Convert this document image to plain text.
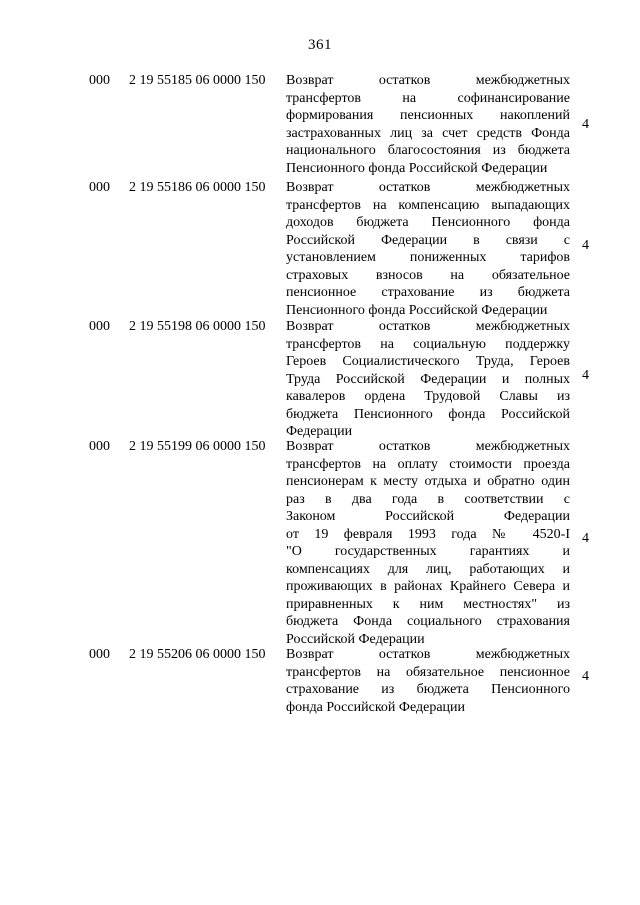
361
000 2 19 55185 06 0000 150 Возврат остатков межбюджетных
трансфертов на софинансирование
формирования пенсионных накоплений
застрахованных лиц за счет средств Фонда
национального благосостояния из бюджета
Пенсионного фонда Российской Федерации
4
000 2 19 55186 06 0000 150 Возврат остатков межбюджетных
трансфертов на компенсацию выпадающих
доходов бюджета Пенсионного фонда
Российской Федерации в связи с
установлением пониженных тарифов
страховых взносов на обязательное
пенсионное страхование из бюджета
Пенсионного фонда Российской Федерации
4
000 2 19 55198 06 0000 150 Возврат остатков межбюджетных
трансфертов на социальную поддержку
Героев Социалистического Труда, Героев
Труда Российской Федерации и полных
кавалеров ордена Трудовой Славы из
бюджета Пенсионного фонда Российской
Федерации
4
000 2 19 55199 06 0000 150 Возврат остатков межбюджетных
трансфертов на оплату стоимости проезда
пенсионерам к месту отдыха и обратно один
раз в два года в соответствии с
Законом Российской Федерации
от 19 февраля 1993 года № 4520-I
"О государственных гарантиях и
компенсациях для лиц, работающих и
проживающих в районах Крайнего Севера и
приравненных к ним местностях" из
бюджета Фонда социального страхования
Российской Федерации
4
000 2 19 55206 06 0000 150 Возврат остатков межбюджетных
трансфертов на обязательное пенсионное
страхование из бюджета Пенсионного
фонда Российской Федерации
4
